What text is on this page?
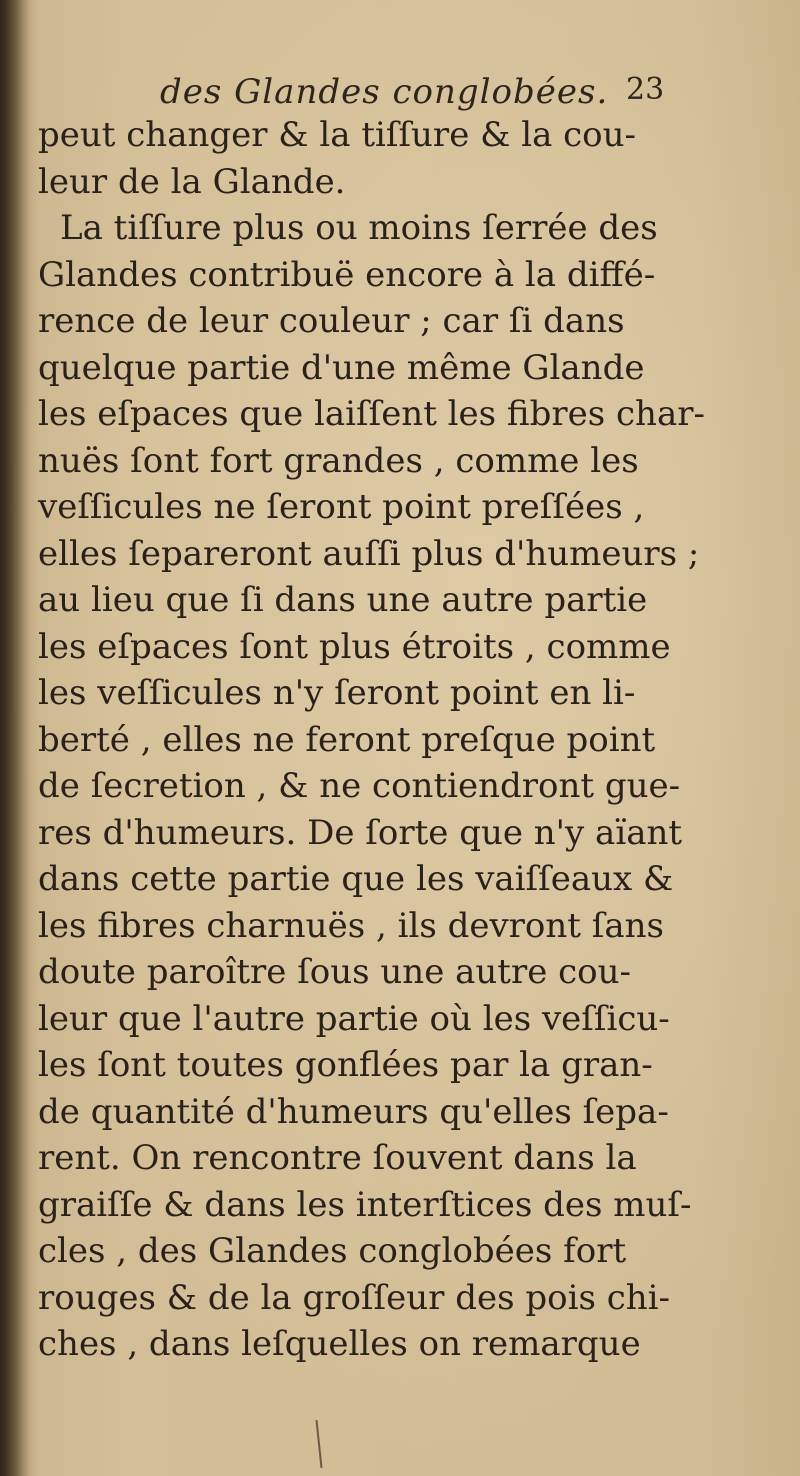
des Glandes conglobées. 23
peut changer & la tiſſure & la cou-
leur de la Glande.
La tiſſure plus ou moins ſerrée des
Glandes contribuë encore à la diffé-
rence de leur couleur ; car ſi dans
quelque partie d'une même Glande
les eſpaces que laiſſent les fibres char-
nuës ſont fort grandes , comme les
veſſicules ne ſeront point preſſées ,
elles ſepareront auſſi plus d'humeurs ;
au lieu que ſi dans une autre partie
les eſpaces ſont plus étroits , comme
les veſſicules n'y ſeront point en li-
berté , elles ne feront preſque point
de ſecretion , & ne contiendront gue-
res d'humeurs. De ſorte que n'y aïant
dans cette partie que les vaiſſeaux &
les fibres charnuës , ils devront ſans
doute paroître ſous une autre cou-
leur que l'autre partie où les veſſicu-
les ſont toutes gonflées par la gran-
de quantité d'humeurs qu'elles ſepa-
rent. On rencontre ſouvent dans la
graiſſe & dans les interſtices des muſ-
cles , des Glandes conglobées fort
rouges & de la groſſeur des pois chi-
ches , dans leſquelles on remarque
